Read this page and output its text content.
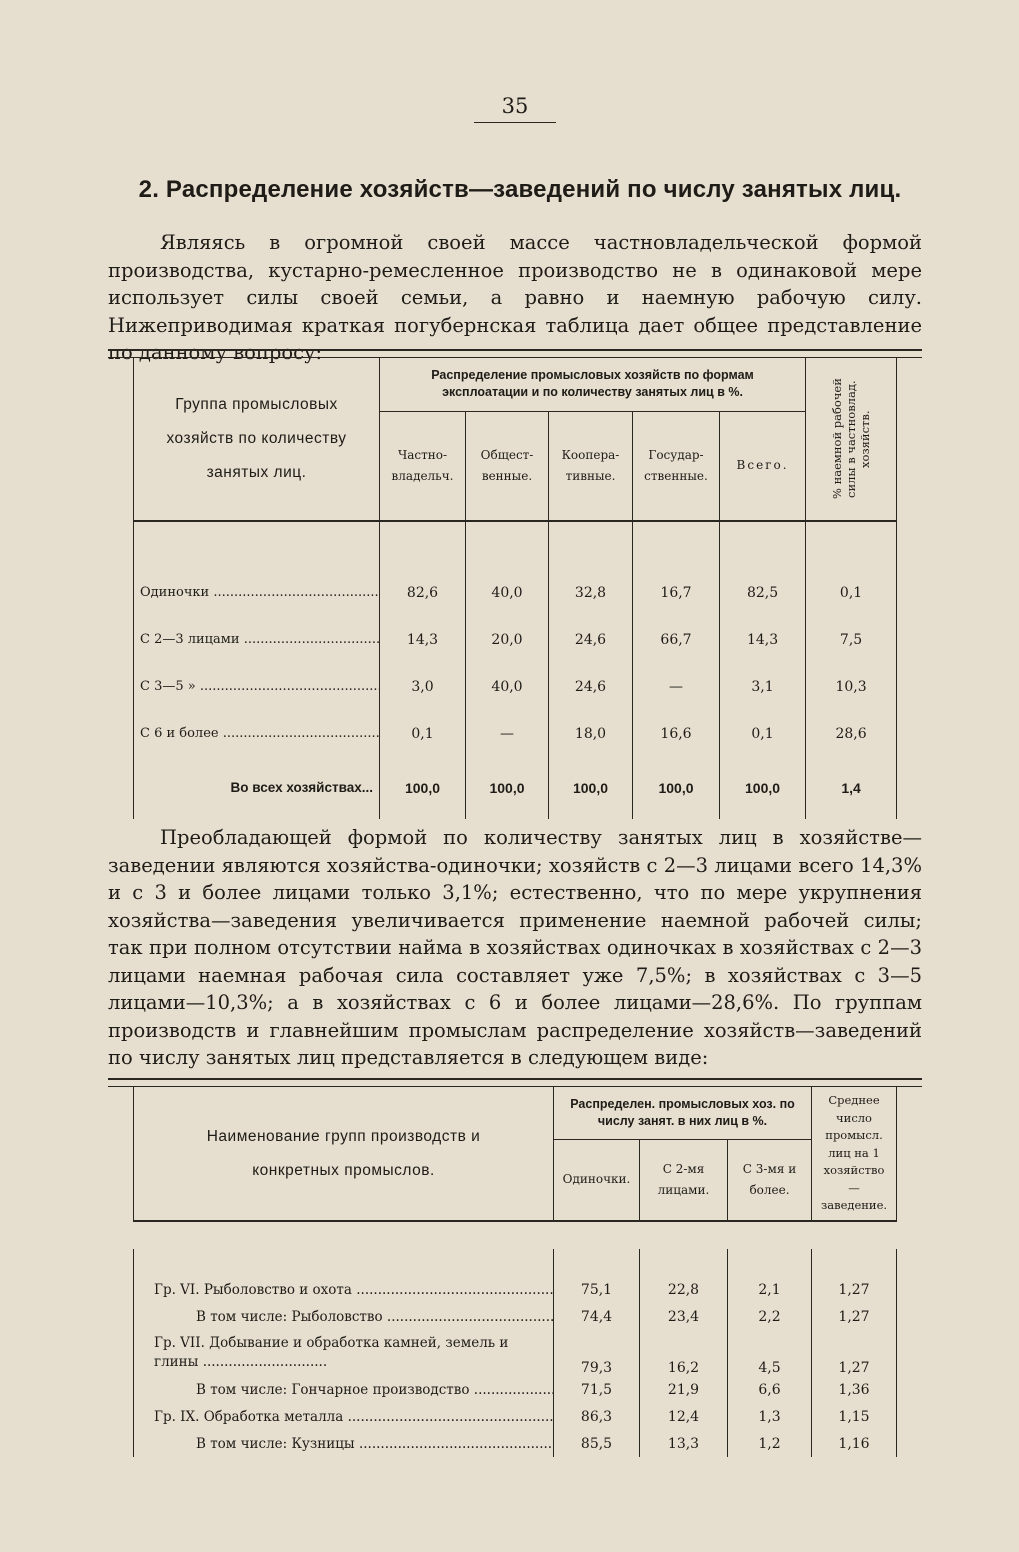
35
2. Распределение хозяйств—заведений по числу занятых лиц.

Являясь в огромной своей массе частновладельческой формой производства, кустарно-ремесленное производство не в одинаковой мере использует силы своей семьи, а равно и наемную рабочую силу. Нижеприводимая краткая погубернская таблица дает общее представление по данному вопросу:

Группа промысловых хозяйств по количеству занятых лиц.	Распределение промысловых хозяйств по формам эксплоатации и по количеству занятых лиц в %.					% наемной рабочей силы в частновлад. хозяйств.

	Частно-владельч.	Общест-венные.	Коопера-тивные.	Государ-ственные.	Всего.	

Одиночки .....	82,6	40,0	32,8	16,7	82,5	0,1
С 2—3 лицами .....	14,3	20,0	24,6	66,7	14,3	7,5
С 3—5 » .....	3,0	40,0	24,6	—	3,1	10,3
С 6 и более .....	0,1	—	18,0	16,6	0,1	28,6
Во всех хозяйствах...	100,0	100,0	100,0	100,0	100,0	1,4

Преобладающей формой по количеству занятых лиц в хозяйстве—заведении являются хозяйства-одиночки; хозяйств с 2—3 лицами всего 14,3% и с 3 и более лицами только 3,1%; естественно, что по мере укрупнения хозяйства—заведения увеличивается применение наемной рабочей силы; так при полном отсутствии найма в хозяйствах одиночках в хозяйствах с 2—3 лицами наемная рабочая сила составляет уже 7,5%; в хозяйствах с 3—5 лицами—10,3%; а в хозяйствах с 6 и более лицами—28,6%. По группам производств и главнейшим промыслам распределение хозяйств—заведений по числу занятых лиц представляется в следующем виде:

Наименование групп производств и конкретных промыслов.	Распределен. промысловых хоз. по числу занят. в них лиц в %.			Среднее число промысл. лиц на 1 хозяйство—заведение.
	Одиночки.	С 2-мя лицами.	С 3-мя и более.	

Гр. VI. Рыболовство и охота .....	75,1	22,8	2,1	1,27
В том числе: Рыболовство .....	74,4	23,4	2,2	1,27
Гр. VII. Добывание и обработка камней, земель и глины .............................	79,3	16,2	4,5	1,27
В том числе: Гончарное производство .....	71,5	21,9	6,6	1,36
Гр. IX. Обработка металла .....	86,3	12,4	1,3	1,15
В том числе: Кузницы .....	85,5	13,3	1,2	1,16
